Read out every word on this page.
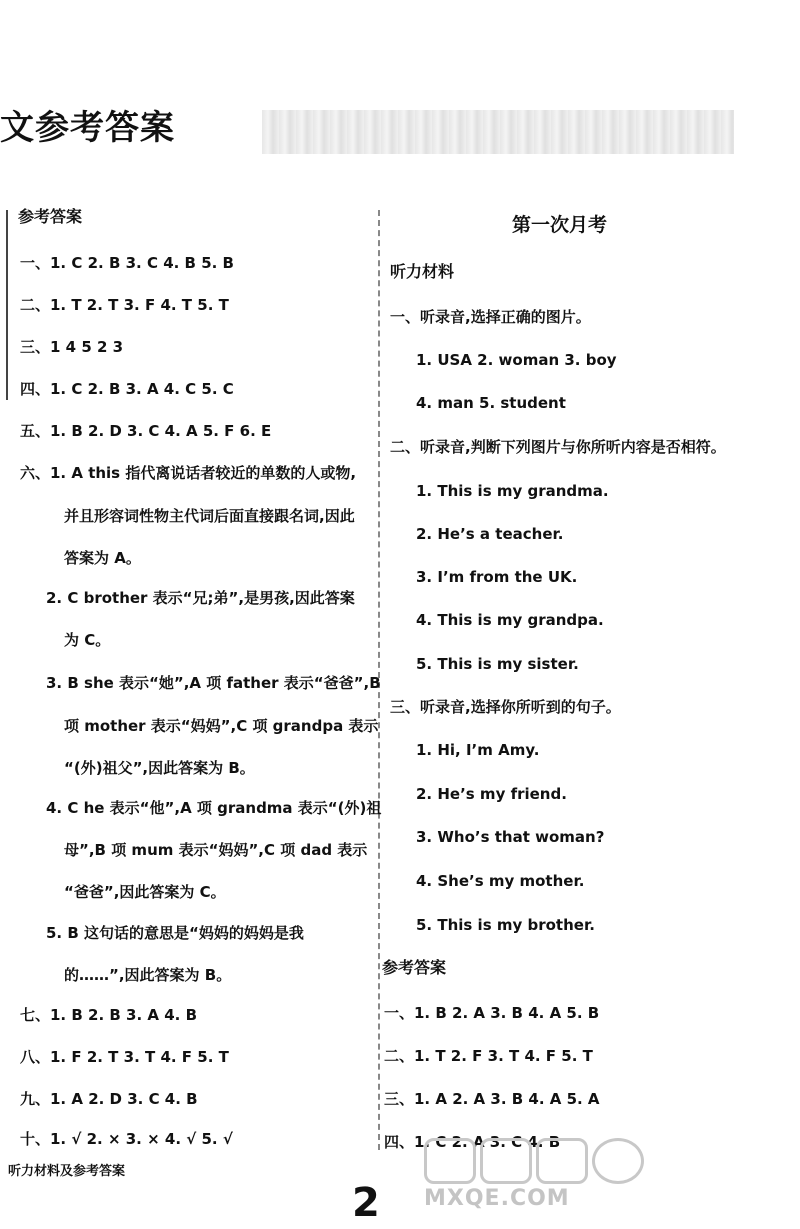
文参考答案
参考答案
一、1. C 2. B 3. C 4. B 5. B
二、1. T 2. T 3. F 4. T 5. T
三、1 4 5 2 3
四、1. C 2. B 3. A 4. C 5. C
五、1. B 2. D 3. C 4. A 5. F 6. E
六、1. A this 指代离说话者较近的单数的人或物,
并且形容词性物主代词后面直接跟名词,因此
答案为 A。
2. C brother 表示“兄;弟”,是男孩,因此答案
为 C。
3. B she 表示“她”,A 项 father 表示“爸爸”,B
项 mother 表示“妈妈”,C 项 grandpa 表示
“(外)祖父”,因此答案为 B。
4. C he 表示“他”,A 项 grandma 表示“(外)祖
母”,B 项 mum 表示“妈妈”,C 项 dad 表示
“爸爸”,因此答案为 C。
5. B 这句话的意思是“妈妈的妈妈是我
的……”,因此答案为 B。
七、1. B 2. B 3. A 4. B
八、1. F 2. T 3. T 4. F 5. T
九、1. A 2. D 3. C 4. B
十、1. √ 2. × 3. × 4. √ 5. √
第一次月考
听力材料
一、听录音,选择正确的图片。
1. USA 2. woman 3. boy
4. man 5. student
二、听录音,判断下列图片与你所听内容是否相符。
1. This is my grandma.
2. He’s a teacher.
3. I’m from the UK.
4. This is my grandpa.
5. This is my sister.
三、听录音,选择你所听到的句子。
1. Hi, I’m Amy.
2. He’s my friend.
3. Who’s that woman?
4. She’s my mother.
5. This is my brother.
参考答案
一、1. B 2. A 3. B 4. A 5. B
二、1. T 2. F 3. T 4. F 5. T
三、1. A 2. A 3. B 4. A 5. A
四、1. C 2. A 3. C 4. B
听力材料及参考答案
2 MXQE.COM
